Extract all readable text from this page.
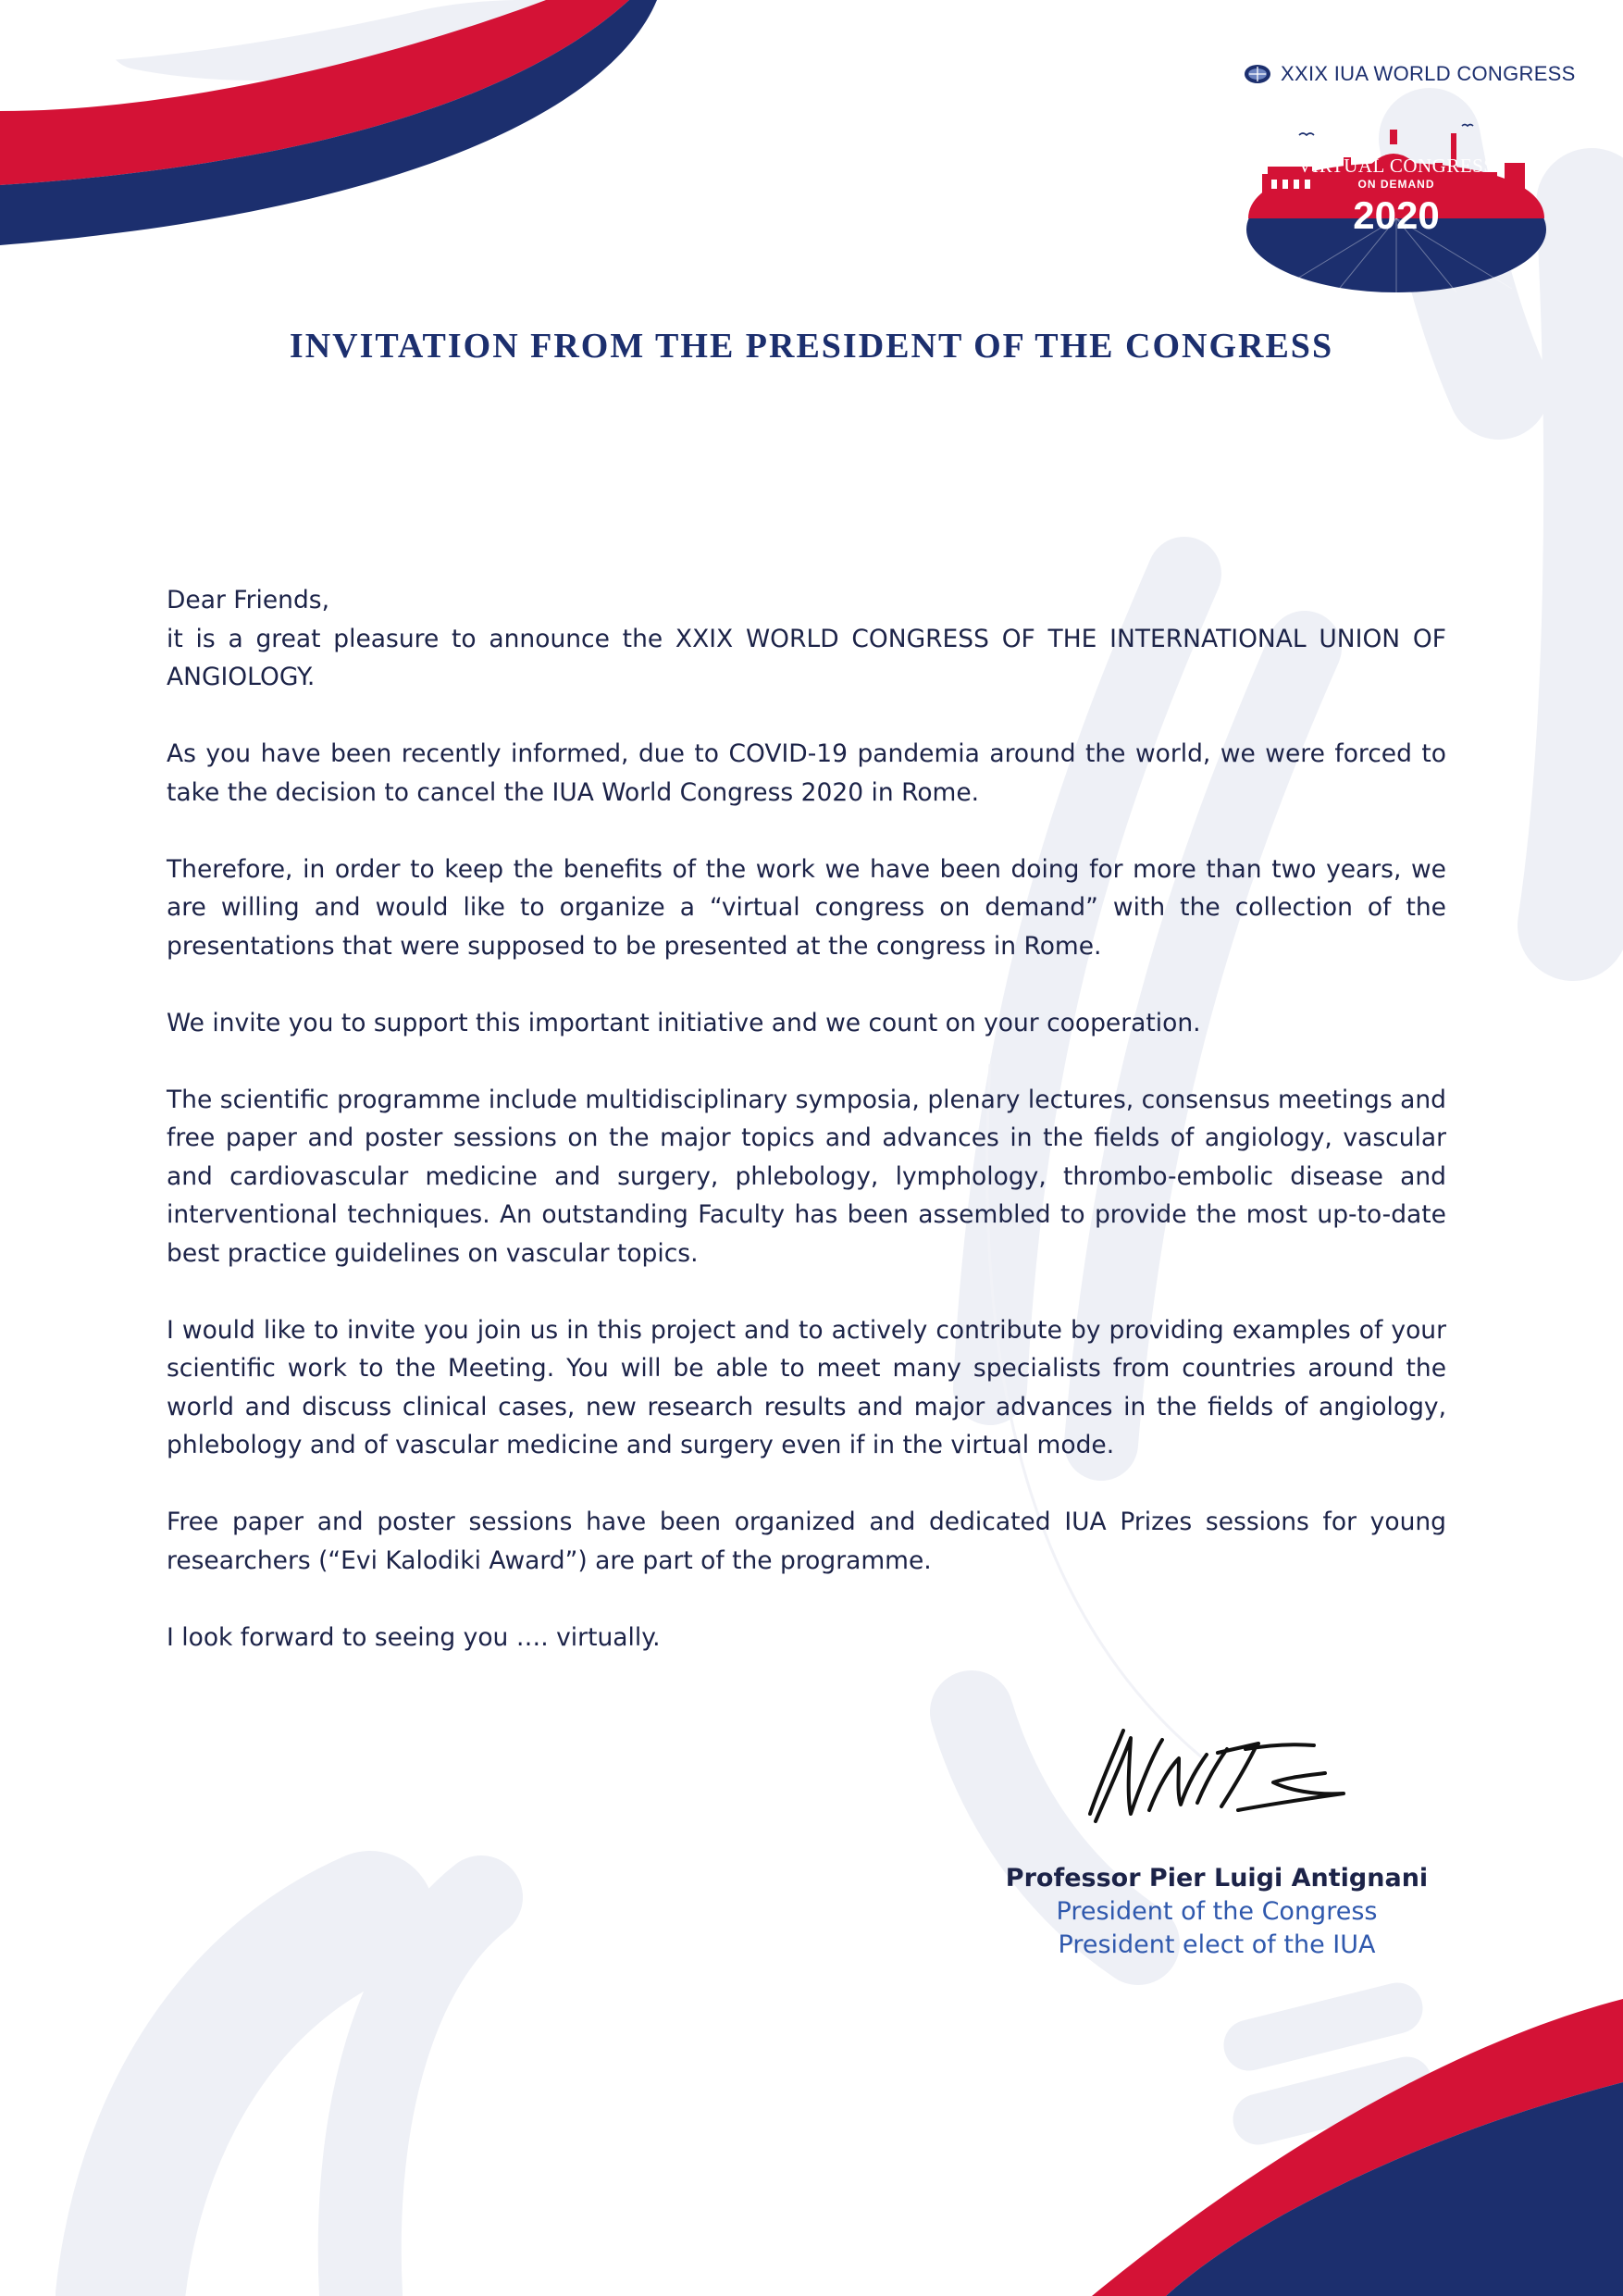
XXIX IUA WORLD CONGRESS
VIRTUAL CONGRESS
ON DEMAND
2020
INVITATION FROM THE PRESIDENT OF THE CONGRESS

Dear Friends,
it is a great pleasure to announce the XXIX WORLD CONGRESS OF THE INTERNATIONAL UNION OF ANGIOLOGY.

As you have been recently informed, due to COVID-19 pandemia around the world, we were forced to take the decision to cancel the IUA World Congress 2020 in Rome.

Therefore, in order to keep the benefits of the work we have been doing for more than two years, we are willing and would like to organize a “virtual congress on demand” with the collection of the presentations that were supposed to be presented at the congress in Rome.

We invite you to support this important initiative and we count on your cooperation.

The scientific programme include multidisciplinary symposia, plenary lectures, consensus meetings and free paper and poster sessions on the major topics and advances in the fields of angiology, vascular and cardiovascular medicine and surgery, phlebology, lymphology, thrombo-embolic disease and interventional techniques. An outstanding Faculty has been assembled to provide the most up-to-date best practice guidelines on vascular topics.

I would like to invite you join us in this project and to actively contribute by providing examples of your scientific work to the Meeting. You will be able to meet many specialists from countries around the world and discuss clinical cases, new research results and major advances in the fields of angiology, phlebology and of vascular medicine and surgery even if in the virtual mode.

Free paper and poster sessions have been organized and dedicated IUA Prizes sessions for young researchers (“Evi Kalodiki Award”) are part of the programme.

I look forward to seeing you …. virtually.

Professor Pier Luigi Antignani
President of the Congress
President elect of the IUA
